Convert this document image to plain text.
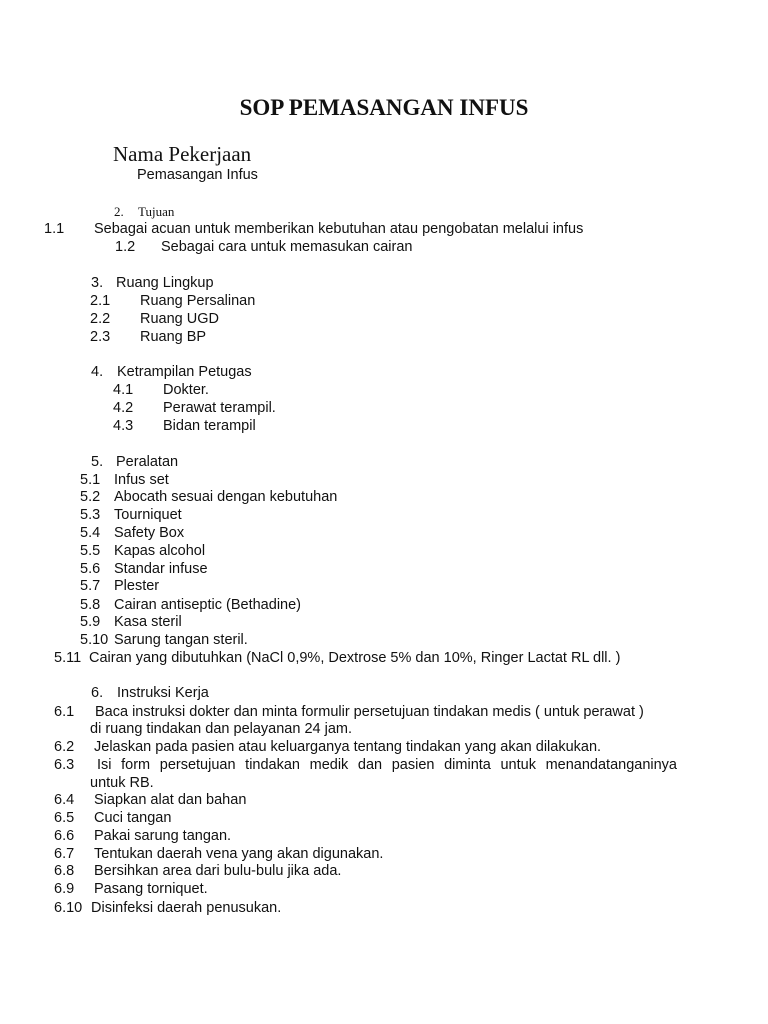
SOP PEMASANGAN INFUS
Nama Pekerjaan
Pemasangan Infus
2. Tujuan
1.1 Sebagai acuan untuk memberikan kebutuhan atau pengobatan melalui infus
1.2 Sebagai cara untuk memasukan cairan
3. Ruang Lingkup
2.1 Ruang Persalinan
2.2 Ruang UGD
2.3 Ruang BP
4. Ketrampilan Petugas
4.1 Dokter.
4.2 Perawat terampil.
4.3 Bidan terampil
5. Peralatan
5.1 Infus set
5.2 Abocath sesuai dengan kebutuhan
5.3 Tourniquet
5.4 Safety Box
5.5 Kapas alcohol
5.6 Standar infuse
5.7 Plester
5.8 Cairan antiseptic (Bethadine)
5.9 Kasa steril
5.10 Sarung tangan steril.
5.11 Cairan yang dibutuhkan (NaCl 0,9%, Dextrose 5% dan 10%, Ringer Lactat RL dll. )
6. Instruksi Kerja
6.1 Baca instruksi dokter dan minta formulir persetujuan tindakan medis ( untuk perawat )
di ruang tindakan dan pelayanan 24 jam.
6.2 Jelaskan pada pasien atau keluarganya tentang tindakan yang akan dilakukan.
6.3 Isi form persetujuan tindakan medik dan pasien diminta untuk menandatanganinya
untuk RB.
6.4 Siapkan alat dan bahan
6.5 Cuci tangan
6.6 Pakai sarung tangan.
6.7 Tentukan daerah vena yang akan digunakan.
6.8 Bersihkan area dari bulu-bulu jika ada.
6.9 Pasang torniquet.
6.10 Disinfeksi daerah penusukan.
